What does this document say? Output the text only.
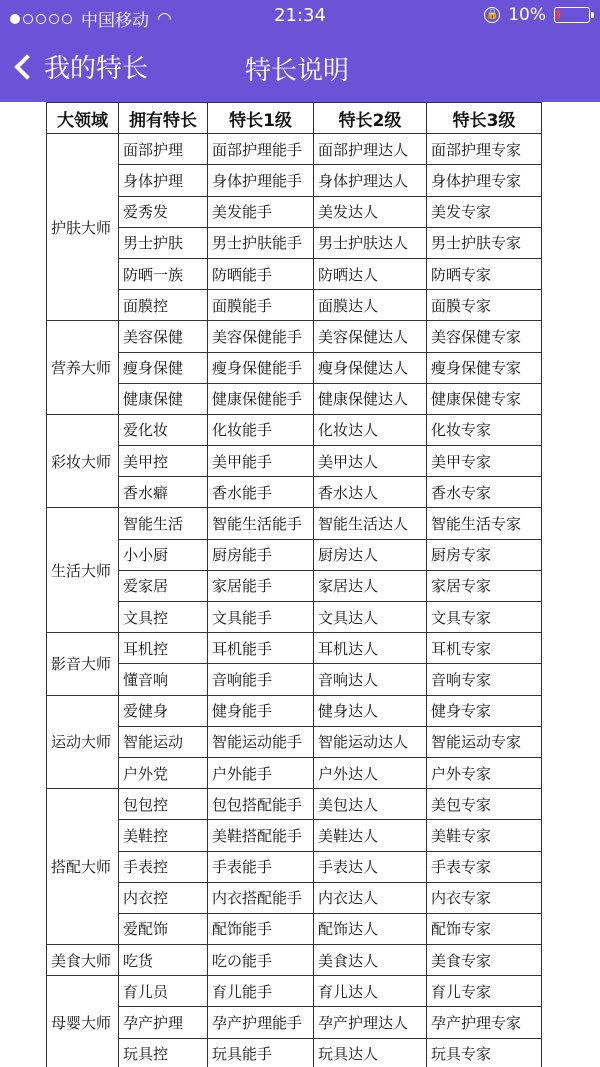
中国移动 ◠	21:34	🔒 10%
我的特长	特长说明
大领域	拥有特长	特长1级	特长2级	特长3级
护肤大师	面部护理	面部护理能手	面部护理达人	面部护理专家
	身体护理	身体护理能手	身体护理达人	身体护理专家
	爱秀发	美发能手	美发达人	美发专家
	男士护肤	男士护肤能手	男士护肤达人	男士护肤专家
	防晒一族	防晒能手	防晒达人	防晒专家
	面膜控	面膜能手	面膜达人	面膜专家
营养大师	美容保健	美容保健能手	美容保健达人	美容保健专家
	瘦身保健	瘦身保健能手	瘦身保健达人	瘦身保健专家
	健康保健	健康保健能手	健康保健达人	健康保健专家
彩妆大师	爱化妆	化妆能手	化妆达人	化妆专家
	美甲控	美甲能手	美甲达人	美甲专家
	香水癖	香水能手	香水达人	香水专家
生活大师	智能生活	智能生活能手	智能生活达人	智能生活专家
	小小厨	厨房能手	厨房达人	厨房专家
	爱家居	家居能手	家居达人	家居专家
	文具控	文具能手	文具达人	文具专家
影音大师	耳机控	耳机能手	耳机达人	耳机专家
	懂音响	音响能手	音响达人	音响专家
运动大师	爱健身	健身能手	健身达人	健身专家
	智能运动	智能运动能手	智能运动达人	智能运动专家
	户外党	户外能手	户外达人	户外专家
搭配大师	包包控	包包搭配能手	美包达人	美包专家
	美鞋控	美鞋搭配能手	美鞋达人	美鞋专家
	手表控	手表能手	手表达人	手表专家
	内衣控	内衣搭配能手	内衣达人	内衣专家
	爱配饰	配饰能手	配饰达人	配饰专家
美食大师	吃货	吃の能手	美食达人	美食专家
母婴大师	育儿员	育儿能手	育儿达人	育儿专家
	孕产护理	孕产护理能手	孕产护理达人	孕产护理专家
	玩具控	玩具能手	玩具达人	玩具专家
